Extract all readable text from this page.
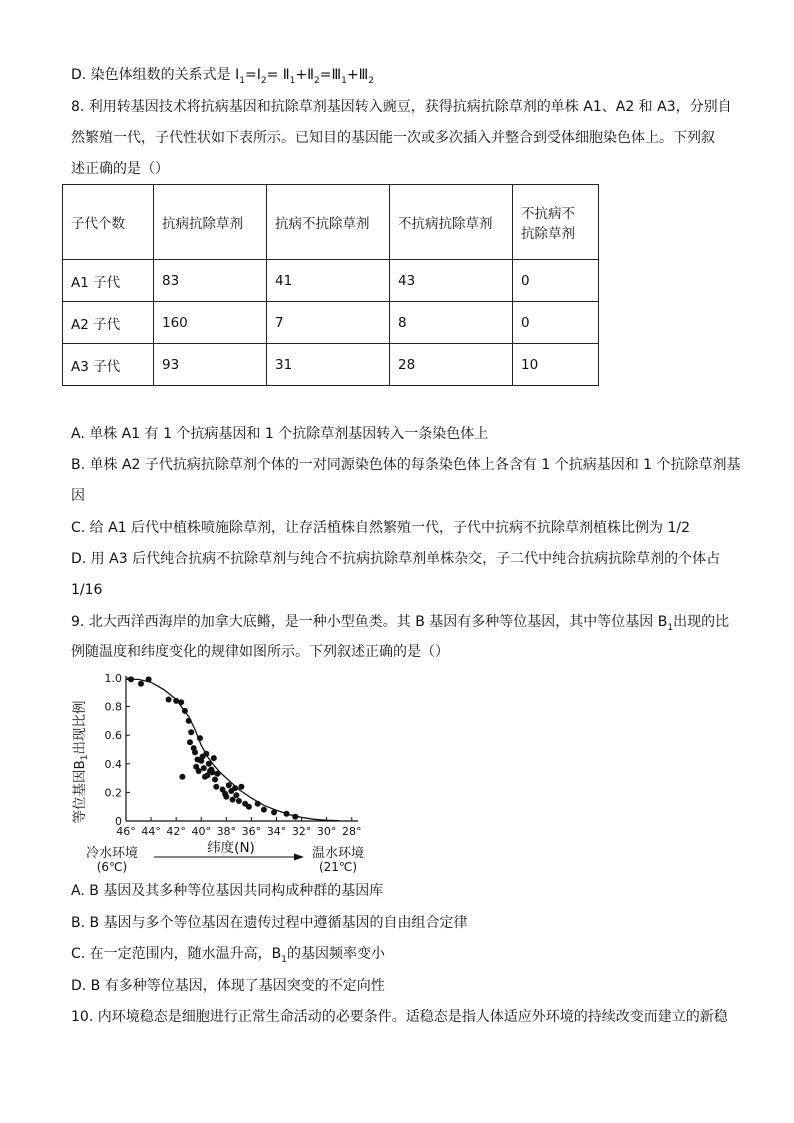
D. 染色体组数的关系式是 $I_1=I_2=$ $Ⅱ_1+Ⅱ_2=Ⅲ_1+Ⅲ_2$
8. 利用转基因技术将抗病基因和抗除草剂基因转入豌豆，获得抗病抗除草剂的单株 A1、A2 和 A3，分别自
然繁殖一代，子代性状如下表所示。已知目的基因能一次或多次插入并整合到受体细胞染色体上。下列叙
述正确的是（）
子代个数	抗病抗除草剂	抗病不抗除草剂	不抗病抗除草剂	不抗病不
抗除草剂
A1 子代	83	41	43	0
A2 子代	160	7	8	0
A3 子代	93	31	28	10
A. 单株 A1 有 1 个抗病基因和 1 个抗除草剂基因转入一条染色体上
B. 单株 A2 子代抗病抗除草剂个体的一对同源染色体的每条染色体上各含有 1 个抗病基因和 1 个抗除草剂基
因
C. 给 A1 后代中植株喷施除草剂，让存活植株自然繁殖一代，子代中抗病不抗除草剂植株比例为 1/2
D. 用 A3 后代纯合抗病不抗除草剂与纯合不抗病抗除草剂单株杂交，子二代中纯合抗病抗除草剂的个体占
1/16
9. 北大西洋西海岸的加拿大底鳉，是一种小型鱼类。其 B 基因有多种等位基因，其中等位基因 $B_1$出现的比
例随温度和纬度变化的规律如图所示。下列叙述正确的是（）
0
0.2
0.4
0.6
0.8
1.0
46° 44° 42° 40° 38° 36° 34° 32° 30° 28°
等位基因$B_1$出现比例
纬度(N)
冷水环境
(6℃)
温水环境
(21℃)
A. B 基因及其多种等位基因共同构成种群的基因库
B. B 基因与多个等位基因在遗传过程中遵循基因的自由组合定律
C. 在一定范围内，随水温升高，$B_1$的基因频率变小
D. B 有多种等位基因，体现了基因突变的不定向性
10. 内环境稳态是细胞进行正常生命活动的必要条件。适稳态是指人体适应外环境的持续改变而建立的新稳
